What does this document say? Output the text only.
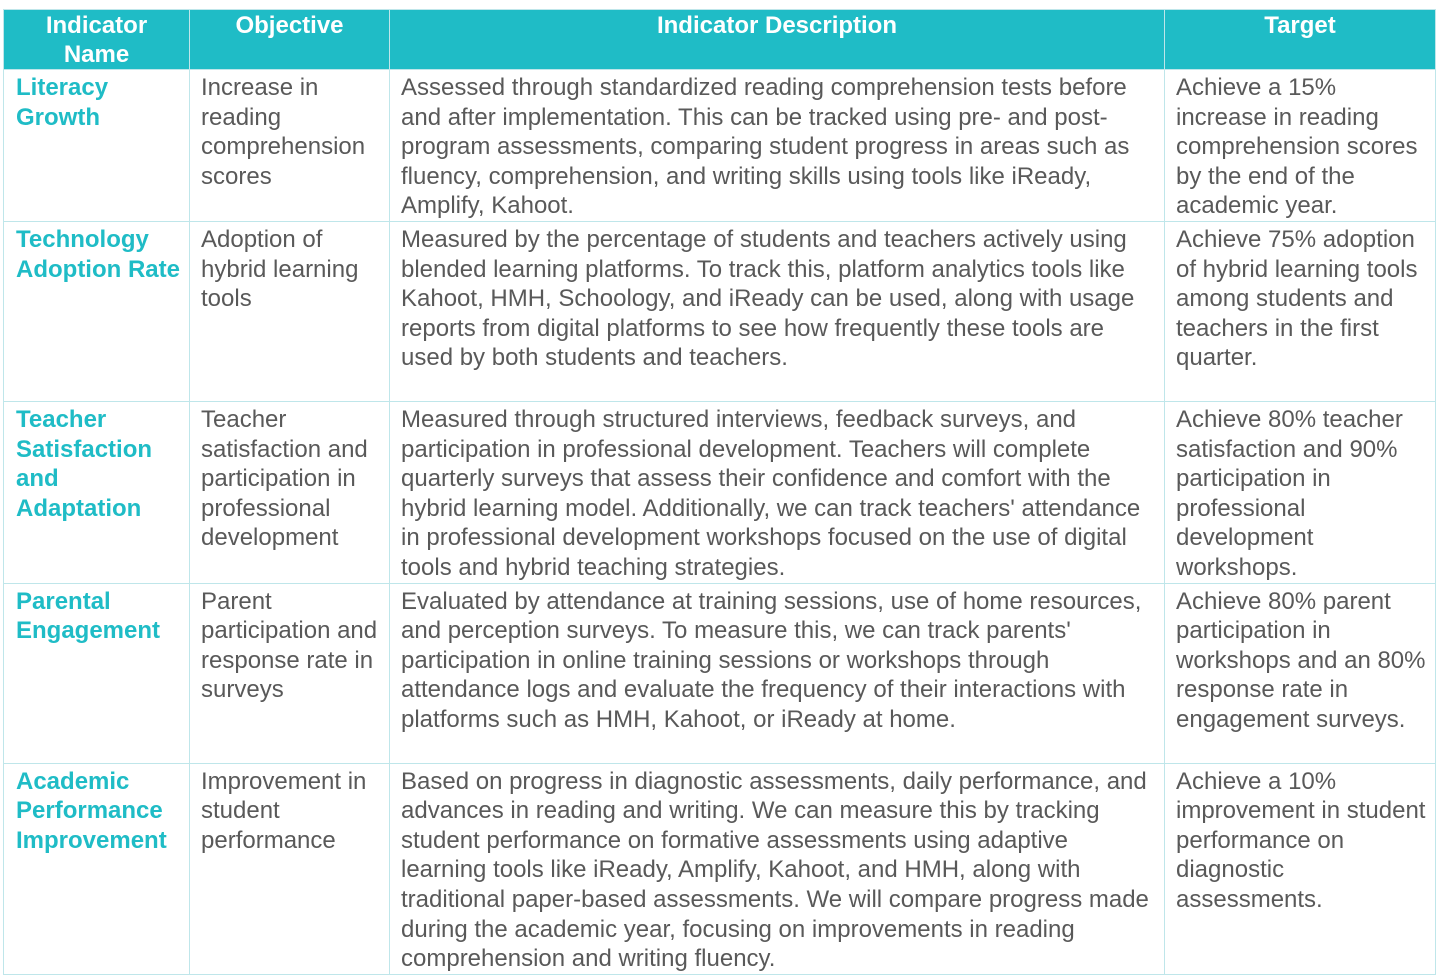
Indicator Name	Objective	Indicator Description	Target
Literacy Growth	Increase in reading comprehension scores	Assessed through standardized reading comprehension tests before and after implementation. This can be tracked using pre- and post-program assessments, comparing student progress in areas such as fluency, comprehension, and writing skills using tools like iReady, Amplify, Kahoot.	Achieve a 15% increase in reading comprehension scores by the end of the academic year.
Technology Adoption Rate	Adoption of hybrid learning tools	Measured by the percentage of students and teachers actively using blended learning platforms. To track this, platform analytics tools like Kahoot, HMH, Schoology, and iReady can be used, along with usage reports from digital platforms to see how frequently these tools are used by both students and teachers.	Achieve 75% adoption of hybrid learning tools among students and teachers in the first quarter.
Teacher Satisfaction and Adaptation	Teacher satisfaction and participation in professional development	Measured through structured interviews, feedback surveys, and participation in professional development. Teachers will complete quarterly surveys that assess their confidence and comfort with the hybrid learning model. Additionally, we can track teachers' attendance in professional development workshops focused on the use of digital tools and hybrid teaching strategies.	Achieve 80% teacher satisfaction and 90% participation in professional development workshops.
Parental Engagement	Parent participation and response rate in surveys	Evaluated by attendance at training sessions, use of home resources, and perception surveys. To measure this, we can track parents' participation in online training sessions or workshops through attendance logs and evaluate the frequency of their interactions with platforms such as HMH, Kahoot, or iReady at home.	Achieve 80% parent participation in workshops and an 80% response rate in engagement surveys.
Academic Performance Improvement	Improvement in student performance	Based on progress in diagnostic assessments, daily performance, and advances in reading and writing. We can measure this by tracking student performance on formative assessments using adaptive learning tools like iReady, Amplify, Kahoot, and HMH, along with traditional paper-based assessments. We will compare progress made during the academic year, focusing on improvements in reading comprehension and writing fluency.	Achieve a 10% improvement in student performance on diagnostic assessments.
